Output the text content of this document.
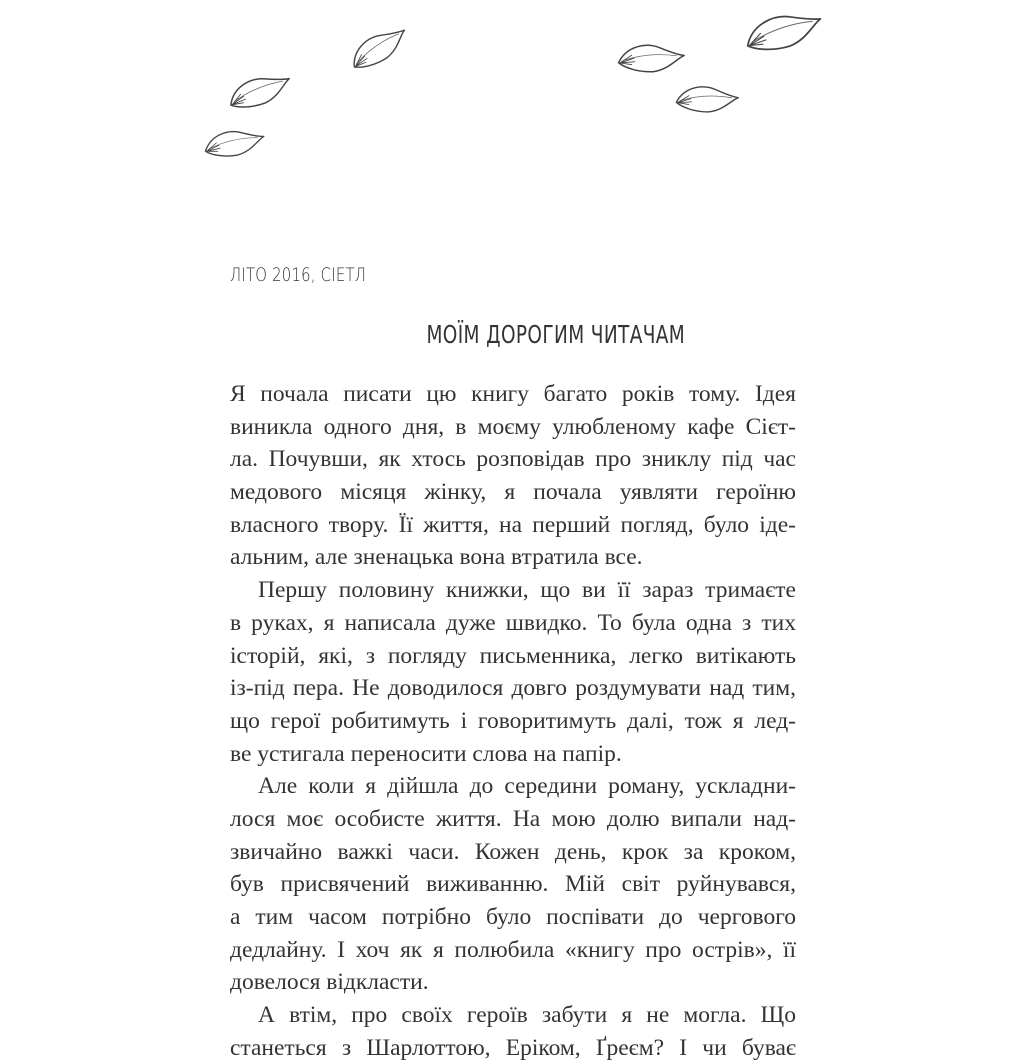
ЛІТО 2016, СІЕТЛ
МОЇМ ДОРОГИМ ЧИТАЧАМ
Я почала писати цю книгу багато років тому. Ідея
виникла одного дня, в моєму улюбленому кафе Сієт-
ла. Почувши, як хтось розповідав про зниклу під час
медового місяця жінку, я почала уявляти героїню
власного твору. Її життя, на перший погляд, було іде-
альним, але зненацька вона втратила все.
Першу половину книжки, що ви її зараз тримаєте
в руках, я написала дуже швидко. То була одна з тих
історій, які, з погляду письменника, легко витікають
із-під пера. Не доводилося довго роздумувати над тим,
що герої робитимуть і говоритимуть далі, тож я лед-
ве устигала переносити слова на папір.
Але коли я дійшла до середини роману, ускладни-
лося моє особисте життя. На мою долю випали над-
звичайно важкі часи. Кожен день, крок за кроком,
був присвячений виживанню. Мій світ руйнувався,
а тим часом потрібно було поспівати до чергового
дедлайну. І хоч як я полюбила «книгу про острів», її
довелося відкласти.
А втім, про своїх героїв забути я не могла. Що
станеться з Шарлоттою, Еріком, Ґреєм? І чи буває
